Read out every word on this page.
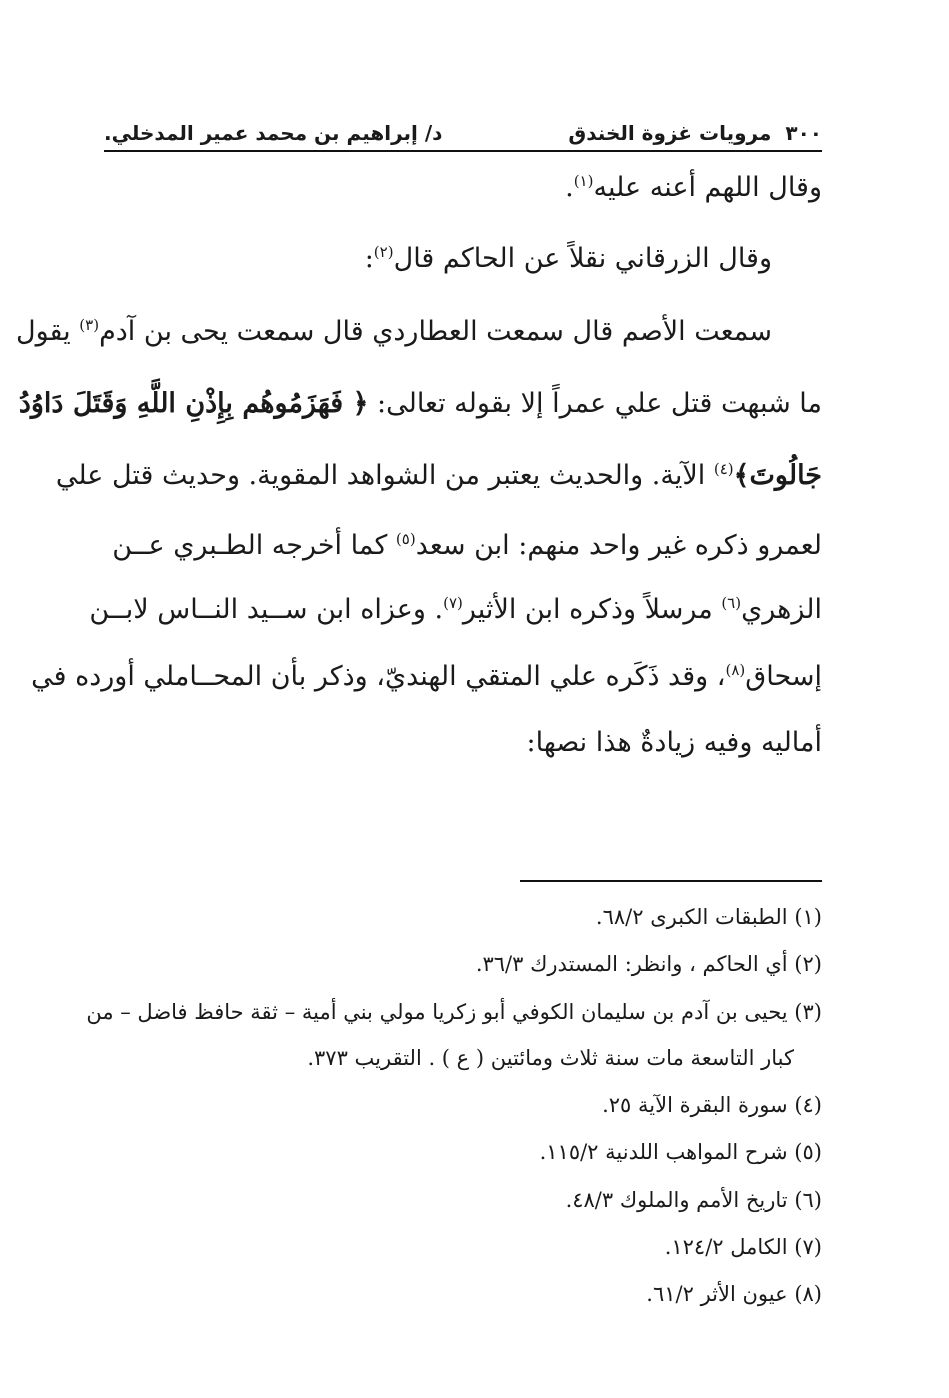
٣٠٠
مرويات غزوة الخندق
د/ إبراهيم بن محمد عمير المدخلي.
وقال اللهم أعنه عليه$^{(١)}$.
وقال الزرقاني نقلاً عن الحاكم قال$^{(٢)}$:
سمعت الأصم قال سمعت العطاردي قال سمعت يحى بن آدم$^{(٣)}$ يقول
ما شبهت قتل علي عمراً إلا بقوله تعالى: ﴿ فَهَزَمُوهُم بِإِذْنِ اللَّهِ وَقَتَلَ دَاوُدُ
جَالُوتَ﴾$^{(٤)}$ الآية. والحديث يعتبر من الشواهد المقوية. وحديث قتل علي
لعمرو ذكره غير واحد منهم: ابن سعد$^{(٥)}$ كما أخرجه الطـبري عــن
الزهري$^{(٦)}$ مرسلاً وذكره ابن الأثير$^{(٧)}$. وعزاه ابن ســيد النــاس لابــن
إسحاق$^{(٨)}$، وقد ذَكَره علي المتقي الهنديّ، وذكر بأن المحــاملي أورده في
أماليه وفيه زيادةٌ هذا نصها:
(١) الطبقات الكبرى ٦٨/٢.
(٢) أي الحاكم ، وانظر: المستدرك ٣٦/٣.
(٣) يحيى بن آدم بن سليمان الكوفي أبو زكريا مولي بني أمية – ثقة حافظ فاضل – من
كبار التاسعة مات سنة ثلاث ومائتين ( ع ) . التقريب ٣٧٣.
(٤) سورة البقرة الآية ٢٥.
(٥) شرح المواهب اللدنية ١١٥/٢.
(٦) تاريخ الأمم والملوك ٤٨/٣.
(٧) الكامل ١٢٤/٢.
(٨) عيون الأثر ٦١/٢.
